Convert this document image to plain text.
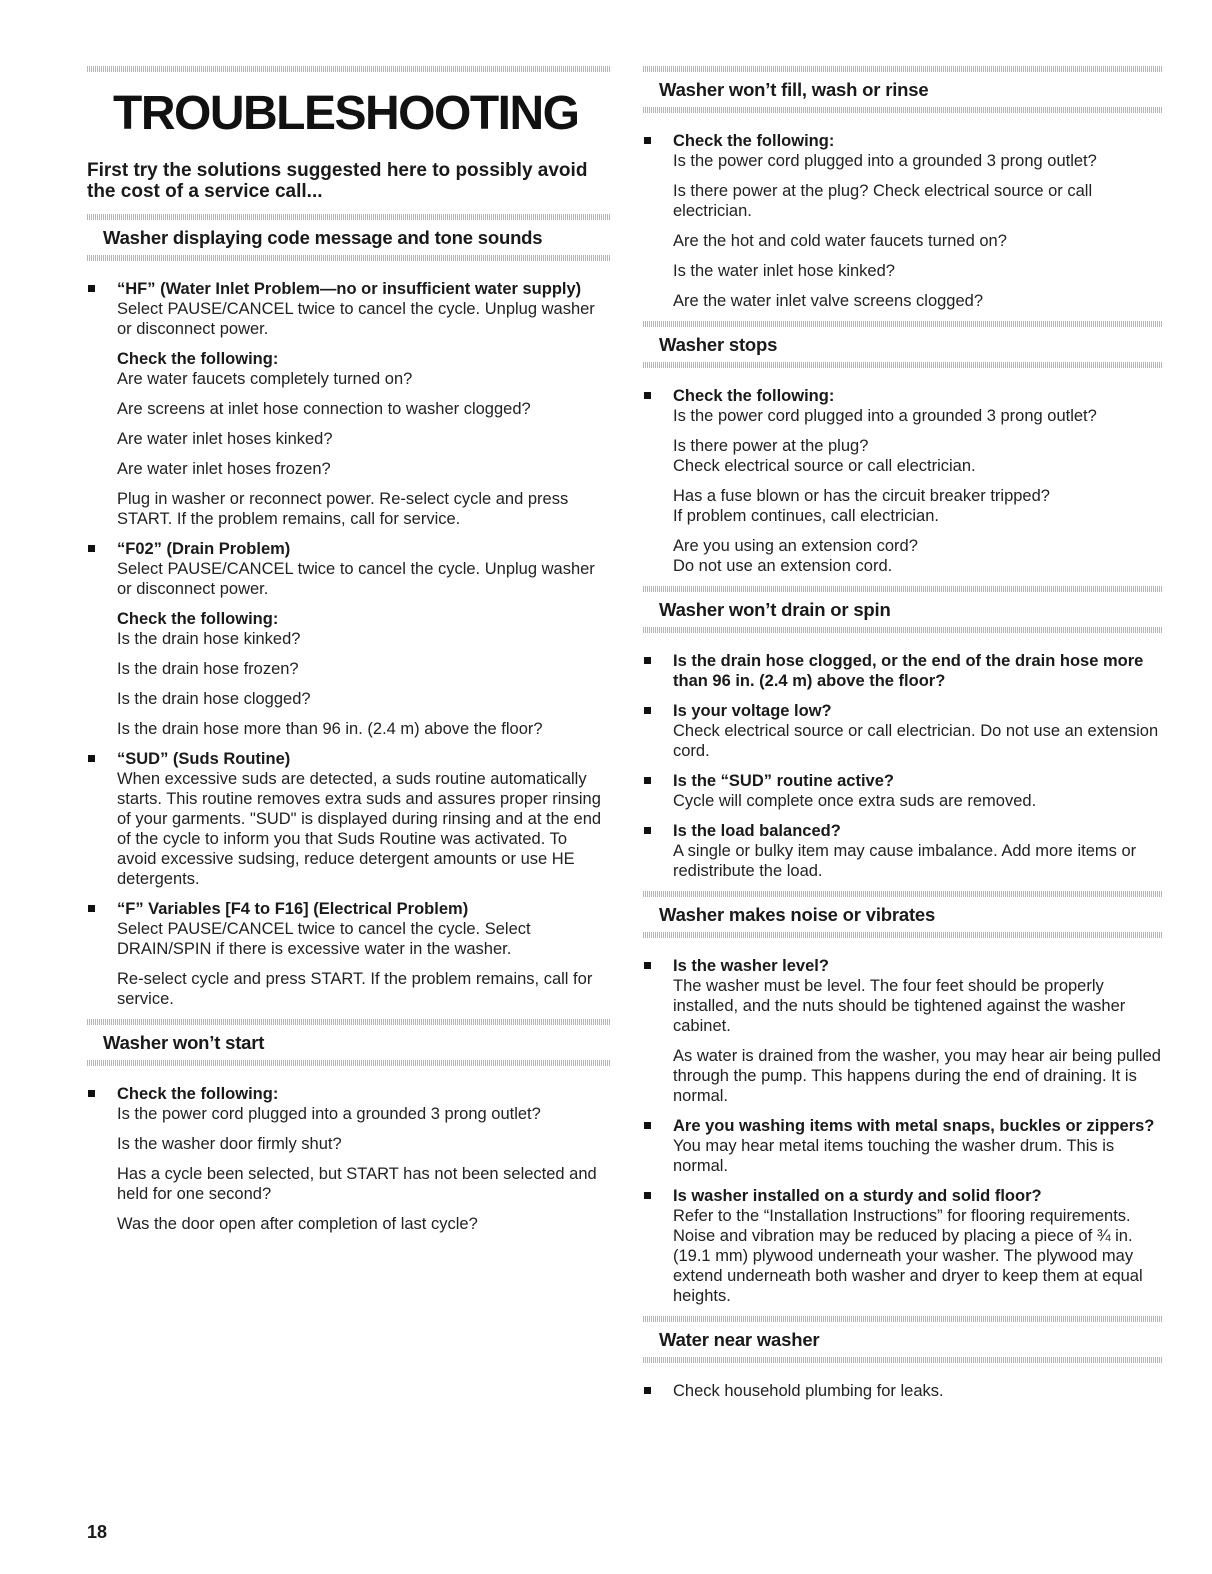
TROUBLESHOOTING
First try the solutions suggested here to possibly avoid the cost of a service call...
Washer displaying code message and tone sounds
“HF” (Water Inlet Problem—no or insufficient water supply)
Select PAUSE/CANCEL twice to cancel the cycle. Unplug washer or disconnect power.
Check the following:
Are water faucets completely turned on?
Are screens at inlet hose connection to washer clogged?
Are water inlet hoses kinked?
Are water inlet hoses frozen?
Plug in washer or reconnect power. Re-select cycle and press START. If the problem remains, call for service.
“F02” (Drain Problem)
Select PAUSE/CANCEL twice to cancel the cycle. Unplug washer or disconnect power.
Check the following:
Is the drain hose kinked?
Is the drain hose frozen?
Is the drain hose clogged?
Is the drain hose more than 96 in. (2.4 m) above the floor?
“SUD” (Suds Routine)
When excessive suds are detected, a suds routine automatically starts. This routine removes extra suds and assures proper rinsing of your garments. "SUD" is displayed during rinsing and at the end of the cycle to inform you that Suds Routine was activated. To avoid excessive sudsing, reduce detergent amounts or use HE detergents.
“F” Variables [F4 to F16] (Electrical Problem)
Select PAUSE/CANCEL twice to cancel the cycle. Select DRAIN/SPIN if there is excessive water in the washer.
Re-select cycle and press START. If the problem remains, call for service.
Washer won’t start
Check the following:
Is the power cord plugged into a grounded 3 prong outlet?
Is the washer door firmly shut?
Has a cycle been selected, but START has not been selected and held for one second?
Was the door open after completion of last cycle?
Washer won’t fill, wash or rinse
Check the following:
Is the power cord plugged into a grounded 3 prong outlet?
Is there power at the plug? Check electrical source or call electrician.
Are the hot and cold water faucets turned on?
Is the water inlet hose kinked?
Are the water inlet valve screens clogged?
Washer stops
Check the following:
Is the power cord plugged into a grounded 3 prong outlet?
Is there power at the plug?
Check electrical source or call electrician.
Has a fuse blown or has the circuit breaker tripped?
If problem continues, call electrician.
Are you using an extension cord?
Do not use an extension cord.
Washer won’t drain or spin
Is the drain hose clogged, or the end of the drain hose more than 96 in. (2.4 m) above the floor?
Is your voltage low?
Check electrical source or call electrician. Do not use an extension cord.
Is the “SUD” routine active?
Cycle will complete once extra suds are removed.
Is the load balanced?
A single or bulky item may cause imbalance. Add more items or redistribute the load.
Washer makes noise or vibrates
Is the washer level?
The washer must be level. The four feet should be properly installed, and the nuts should be tightened against the washer cabinet.
As water is drained from the washer, you may hear air being pulled through the pump. This happens during the end of draining. It is normal.
Are you washing items with metal snaps, buckles or zippers?
You may hear metal items touching the washer drum. This is normal.
Is washer installed on a sturdy and solid floor?
Refer to the “Installation Instructions” for flooring requirements. Noise and vibration may be reduced by placing a piece of ¾ in. (19.1 mm) plywood underneath your washer. The plywood may extend underneath both washer and dryer to keep them at equal heights.
Water near washer
Check household plumbing for leaks.
18
